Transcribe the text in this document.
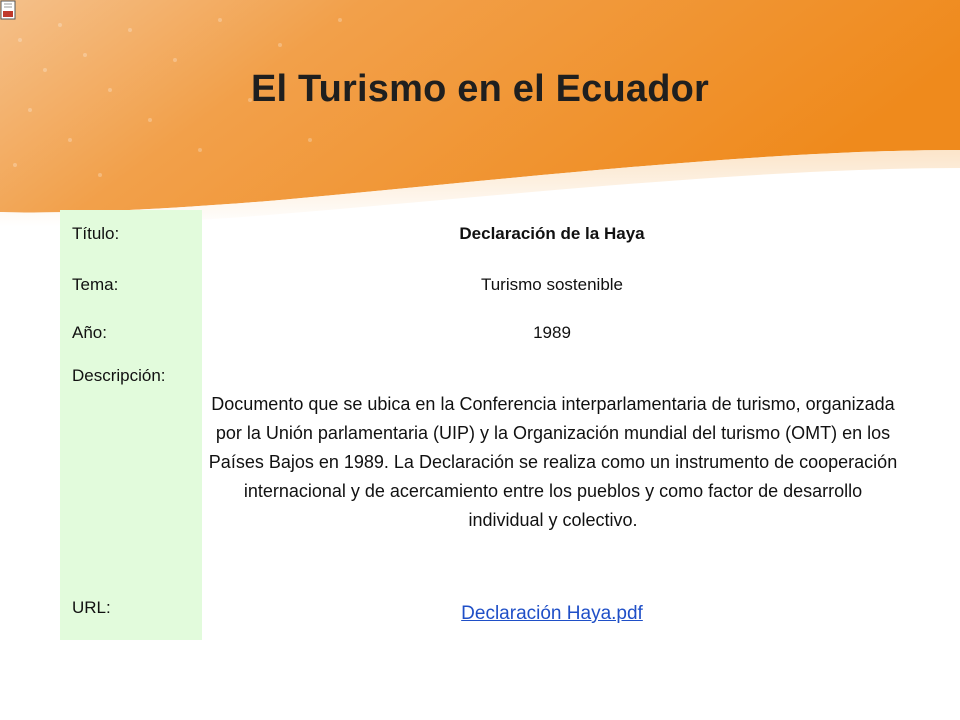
El Turismo en el Ecuador
Título:	Declaración de la Haya
Tema:	Turismo sostenible
Año:	1989
Descripción:
Documento que se ubica en la Conferencia interparlamentaria de turismo, organizada por la Unión parlamentaria (UIP) y la Organización mundial del turismo (OMT) en los Países Bajos en 1989. La Declaración se realiza como un instrumento de cooperación internacional y de acercamiento entre los pueblos y como factor de desarrollo individual y colectivo.
URL:	Declaración Haya.pdf
